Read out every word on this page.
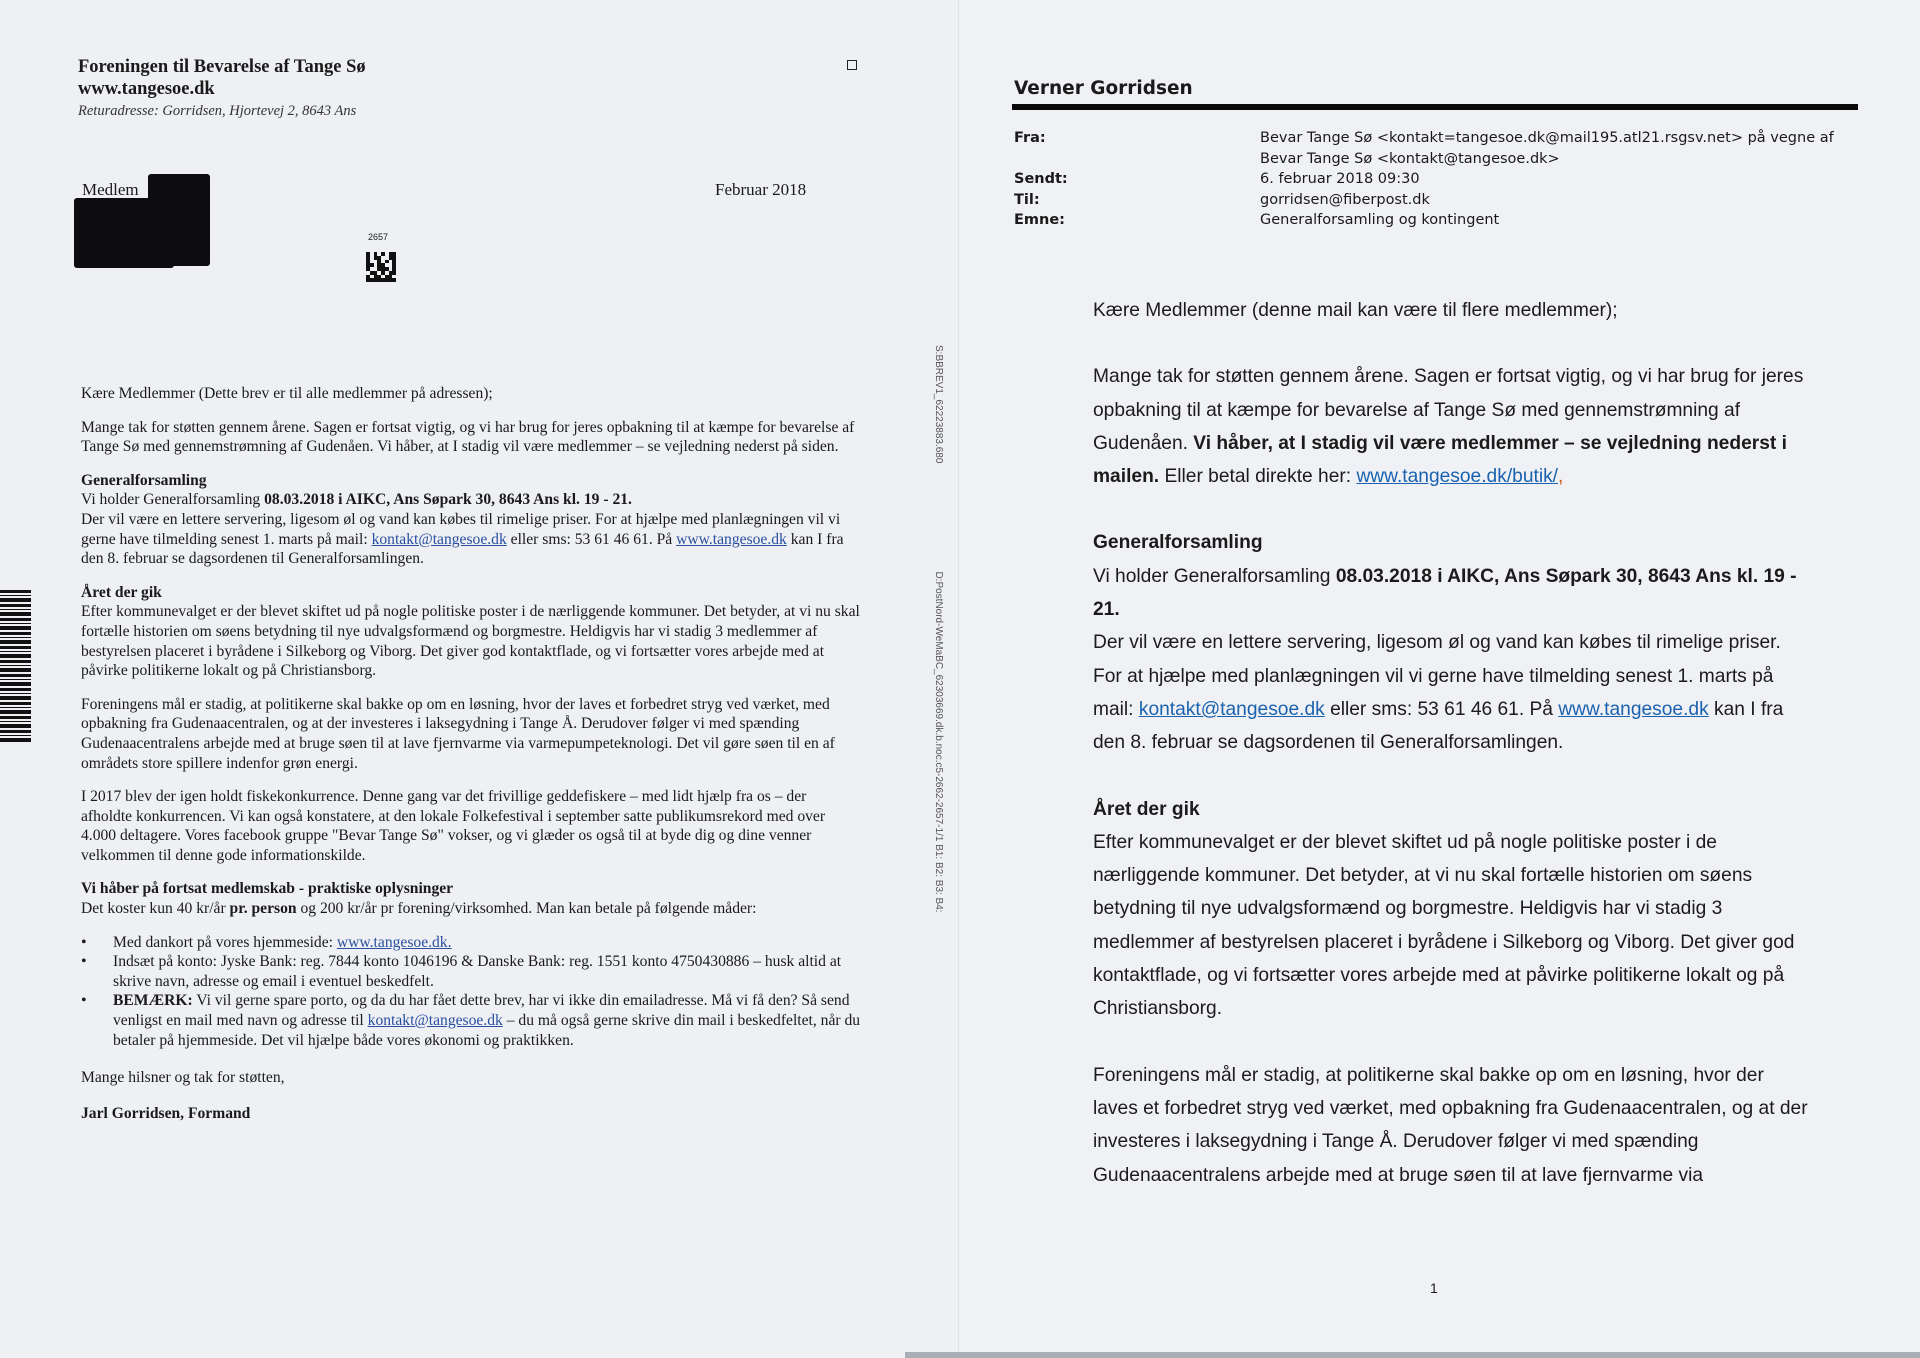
Foreningen til Bevarelse af Tange Sø
www.tangesoe.dk
Returadresse: Gorridsen, Hjortevej 2, 8643 Ans
Medlem	Februar 2018
2657

Kære Medlemmer (Dette brev er til alle medlemmer på adressen);

Mange tak for støtten gennem årene. Sagen er fortsat vigtig, og vi har brug for jeres opbakning til at kæmpe for bevarelse af Tange Sø med gennemstrømning af Gudenåen. Vi håber, at I stadig vil være medlemmer – se vejledning nederst på siden.

Generalforsamling

Vi holder Generalforsamling 08.03.2018 i AIKC, Ans Søpark 30, 8643 Ans kl. 19 - 21.
Der vil være en lettere servering, ligesom øl og vand kan købes til rimelige priser. For at hjælpe med planlægningen vil vi gerne have tilmelding senest 1. marts på mail: kontakt@tangesoe.dk eller sms: 53 61 46 61. På www.tangesoe.dk kan I fra den 8. februar se dagsordenen til Generalforsamlingen.

Året der gik

Efter kommunevalget er der blevet skiftet ud på nogle politiske poster i de nærliggende kommuner. Det betyder, at vi nu skal fortælle historien om søens betydning til nye udvalgsformænd og borgmestre. Heldigvis har vi stadig 3 medlemmer af bestyrelsen placeret i byrådene i Silkeborg og Viborg. Det giver god kontaktflade, og vi fortsætter vores arbejde med at påvirke politikerne lokalt og på Christiansborg.

Foreningens mål er stadig, at politikerne skal bakke op om en løsning, hvor der laves et forbedret stryg ved værket, med opbakning fra Gudenaacentralen, og at der investeres i laksegydning i Tange Å. Derudover følger vi med spænding Gudenaacentralens arbejde med at bruge søen til at lave fjernvarme via varmepumpeteknologi. Det vil gøre søen til en af områdets store spillere indenfor grøn energi.

I 2017 blev der igen holdt fiskekonkurrence. Denne gang var det frivillige geddefiskere – med lidt hjælp fra os – der afholdte konkurrencen. Vi kan også konstatere, at den lokale Folkefestival i september satte publikumsrekord med over 4.000 deltagere. Vores facebook gruppe "Bevar Tange Sø" vokser, og vi glæder os også til at byde dig og dine venner velkommen til denne gode informationskilde.

Vi håber på fortsat medlemskab - praktiske oplysninger
Det koster kun 40 kr/år pr. person og 200 kr/år pr forening/virksomhed. Man kan betale på følgende måder:
• Med dankort på vores hjemmeside: www.tangesoe.dk.
• Indsæt på konto: Jyske Bank: reg. 7844 konto 1046196 & Danske Bank: reg. 1551 konto 4750430886 – husk altid at skrive navn, adresse og email i eventuel beskedfelt.
• BEMÆRK: Vi vil gerne spare porto, og da du har fået dette brev, har vi ikke din emailadresse. Må vi få den? Så send venligst en mail med navn og adresse til kontakt@tangesoe.dk – du må også gerne skrive din mail i beskedfeltet, når du betaler på hjemmeside. Det vil hjælpe både vores økonomi og praktikken.

Mange hilsner og tak for støtten,

Jarl Gorridsen, Formand

S:BBREV1_62223883.680D:PostNord-WeMaBC_62303669.dk.b.noc.c5-2662-2657-1/1 B1: B2: B3: B4:
Verner Gorridsen
Fra:	Bevar Tange Sø <kontakt=tangesoe.dk@mail195.atl21.rsgsv.net> på vegne af Bevar Tange Sø <kontakt@tangesoe.dk>
Sendt:	6. februar 2018 09:30
Til:	gorridsen@fiberpost.dk
Emne:	Generalforsamling og kontingent

Kære Medlemmer (denne mail kan være til flere medlemmer);

Mange tak for støtten gennem årene. Sagen er fortsat vigtig, og vi har brug for jeres opbakning til at kæmpe for bevarelse af Tange Sø med gennemstrømning af Gudenåen. Vi håber, at I stadig vil være medlemmer – se vejledning nederst i mailen. Eller betal direkte her: www.tangesoe.dk/butik/,

Generalforsamling

Vi holder Generalforsamling 08.03.2018 i AIKC, Ans Søpark 30, 8643 Ans kl. 19 - 21.
Der vil være en lettere servering, ligesom øl og vand kan købes til rimelige priser. For at hjælpe med planlægningen vil vi gerne have tilmelding senest 1. marts på mail: kontakt@tangesoe.dk eller sms: 53 61 46 61. På www.tangesoe.dk kan I fra den 8. februar se dagsordenen til Generalforsamlingen.

Året der gik

Efter kommunevalget er der blevet skiftet ud på nogle politiske poster i de nærliggende kommuner. Det betyder, at vi nu skal fortælle historien om søens betydning til nye udvalgsformænd og borgmestre. Heldigvis har vi stadig 3 medlemmer af bestyrelsen placeret i byrådene i Silkeborg og Viborg. Det giver god kontaktflade, og vi fortsætter vores arbejde med at påvirke politikerne lokalt og på Christiansborg.

Foreningens mål er stadig, at politikerne skal bakke op om en løsning, hvor der laves et forbedret stryg ved værket, med opbakning fra Gudenaacentralen, og at der investeres i laksegydning i Tange Å. Derudover følger vi med spænding Gudenaacentralens arbejde med at bruge søen til at lave fjernvarme via

1
